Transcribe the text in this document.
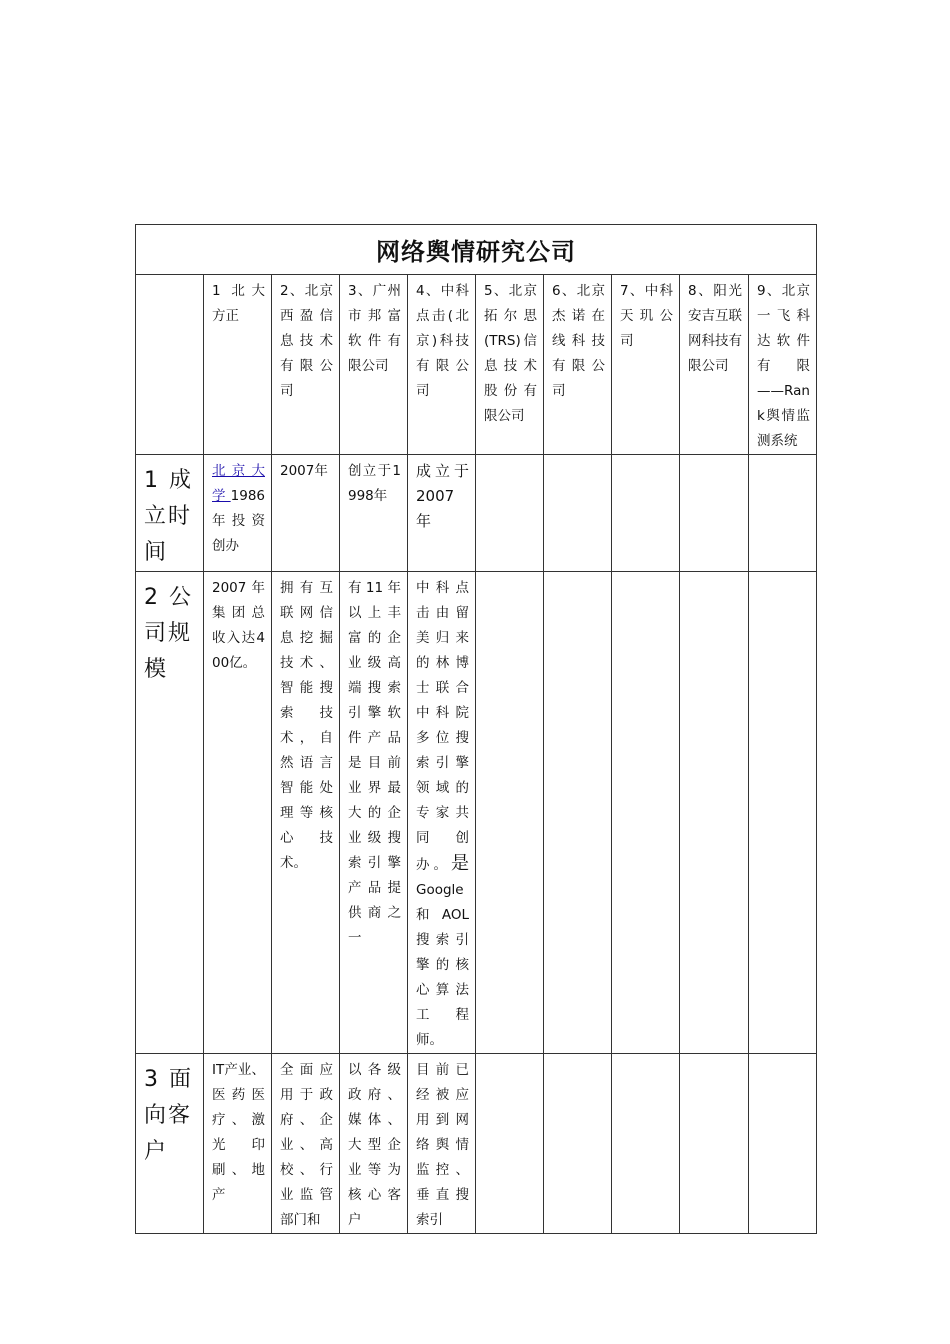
网络舆情研究公司									
	1 北大方正	2、北京西盈信息技术有限公司	3、广州市邦富软件有限公司	4、中科点击(北京)科技有限公司	5、北京拓尔思(TRS)信息技术股份有限公司	6、北京杰诺在线科技有限公司	7、中科天玑公司	8、阳光安吉互联网科技有限公司	9、北京一飞科达软件有限——Rank舆情监测系统
1 成立时间	北京大学1986年投资创办	2007年	创立于1998年	成立于2007年					
2 公司规模	2007年集团总收入达400亿。	拥有互联网信息挖掘技术、智能搜索技术，自然语言智能处理等核心技术。	有11年以上丰富的企业级高端搜索引擎软件产品是目前业界最大的企业级搜索引擎产品提供商之一	中科点击由留美归来的林博士联合中科院多位搜索引擎领域的专家共同创办。是Google和AOL搜索引擎的核心算法工程师。					
3 面向客户	IT产业、医药医疗、激光印刷、地产	全面应用于政府、企业、高校、行业监管部门和	以各级政府、媒体、大型企业等为核心客户	目前已经被应用到网络舆情监控、垂直搜索引					
